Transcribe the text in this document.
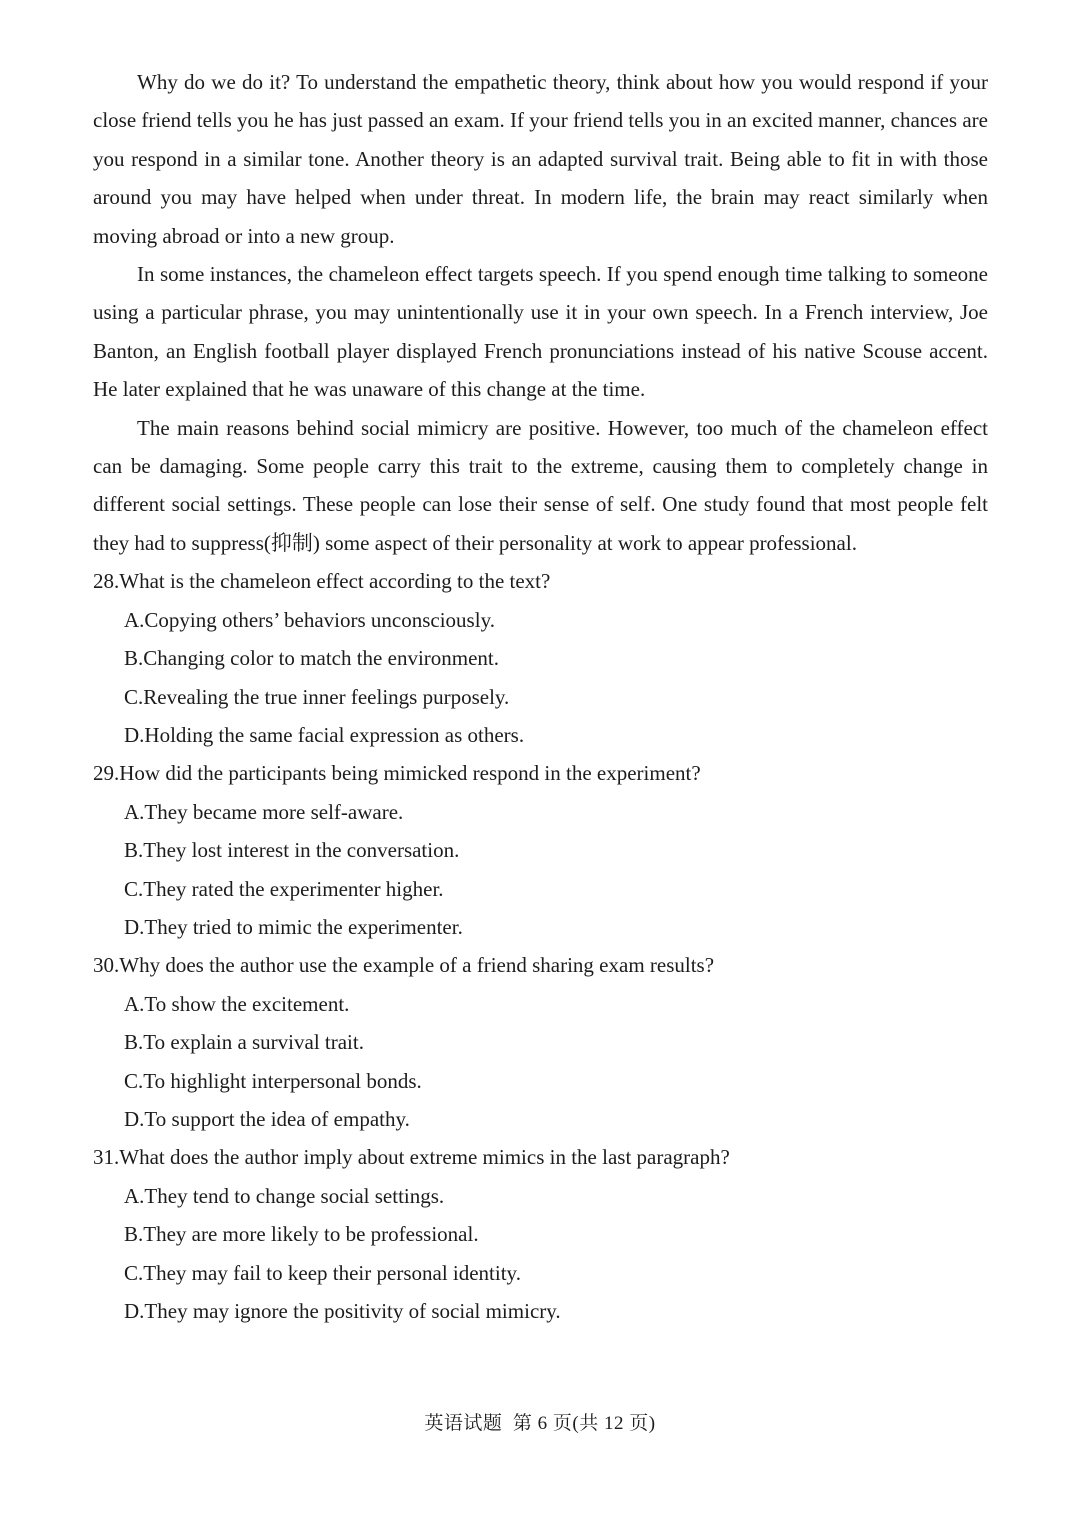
Why do we do it? To understand the empathetic theory, think about how you would respond if your close friend tells you he has just passed an exam. If your friend tells you in an excited manner, chances are you respond in a similar tone. Another theory is an adapted survival trait. Being able to fit in with those around you may have helped when under threat. In modern life, the brain may react similarly when moving abroad or into a new group.

In some instances, the chameleon effect targets speech. If you spend enough time talking to someone using a particular phrase, you may unintentionally use it in your own speech. In a French interview, Joe Banton, an English football player displayed French pronunciations instead of his native Scouse accent. He later explained that he was unaware of this change at the time.

The main reasons behind social mimicry are positive. However, too much of the chameleon effect can be damaging. Some people carry this trait to the extreme, causing them to completely change in different social settings. These people can lose their sense of self. One study found that most people felt they had to suppress(抑制) some aspect of their personality at work to appear professional.

28.What is the chameleon effect according to the text?
A.Copying others’ behaviors unconsciously.
B.Changing color to match the environment.
C.Revealing the true inner feelings purposely.
D.Holding the same facial expression as others.
29.How did the participants being mimicked respond in the experiment?
A.They became more self-aware.
B.They lost interest in the conversation.
C.They rated the experimenter higher.
D.They tried to mimic the experimenter.
30.Why does the author use the example of a friend sharing exam results?
A.To show the excitement.
B.To explain a survival trait.
C.To highlight interpersonal bonds.
D.To support the idea of empathy.
31.What does the author imply about extreme mimics in the last paragraph?
A.They tend to change social settings.
B.They are more likely to be professional.
C.They may fail to keep their personal identity.
D.They may ignore the positivity of social mimicry.
英语试题 第 6 页(共 12 页)
